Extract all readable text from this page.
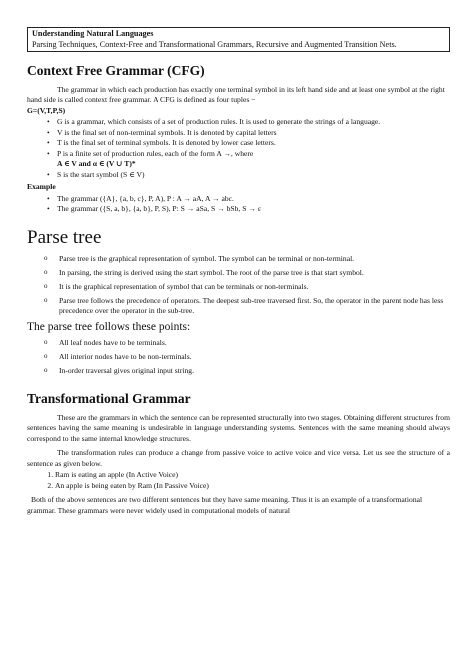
Understanding Natural Languages
Parsing Techniques, Context-Free and Transformational Grammars, Recursive and Augmented Transition Nets.
Context Free Grammar (CFG)

The grammar in which each production has exactly one terminal symbol in its left hand side and at least one symbol at the right hand side is called context free grammar. A CFG is defined as four tuples −

G=(V,T,P,S)

• G is a grammar, which consists of a set of production rules. It is used to generate the strings of a language.
• V is the final set of non-terminal symbols. It is denoted by capital letters
• T is the final set of terminal symbols. It is denoted by lower case letters.
• P is a finite set of production rules, each of the form A →, where
A ∈ V and α ∈ (V ∪ T)*
• S is the start symbol (S ∈ V)

Example

• The grammar ({A}, {a, b, c}, P, A), P : A → aA, A → abc.
• The grammar ({S, a, b}, {a, b}, P, S), P: S → aSa, S → bSb, S → ε
Parse tree
o Parse tree is the graphical representation of symbol. The symbol can be terminal or non-terminal.
o In parsing, the string is derived using the start symbol. The root of the parse tree is that start symbol.
o It is the graphical representation of symbol that can be terminals or non-terminals.
o Parse tree follows the precedence of operators. The deepest sub-tree traversed first. So, the operator in the parent node has less precedence over the operator in the sub-tree.
The parse tree follows these points:
o All leaf nodes have to be terminals.
o All interior nodes have to be non-terminals.
o In-order traversal gives original input string.
Transformational Grammar

These are the grammars in which the sentence can be represented structurally into two stages. Obtaining different structures from sentences having the same meaning is undesirable in language understanding systems. Sentences with the same meaning should always correspond to the same internal knowledge structures.

The transformation rules can produce a change from passive voice to active voice and vice versa. Let us see the structure of a sentence as given below.

1. Ram is eating an apple (In Active Voice)
2. An apple is being eaten by Ram (In Passive Voice)

Both of the above sentences are two different sentences but they have same meaning. Thus it is an example of a transformational grammar. These grammars were never widely used in computational models of natural
